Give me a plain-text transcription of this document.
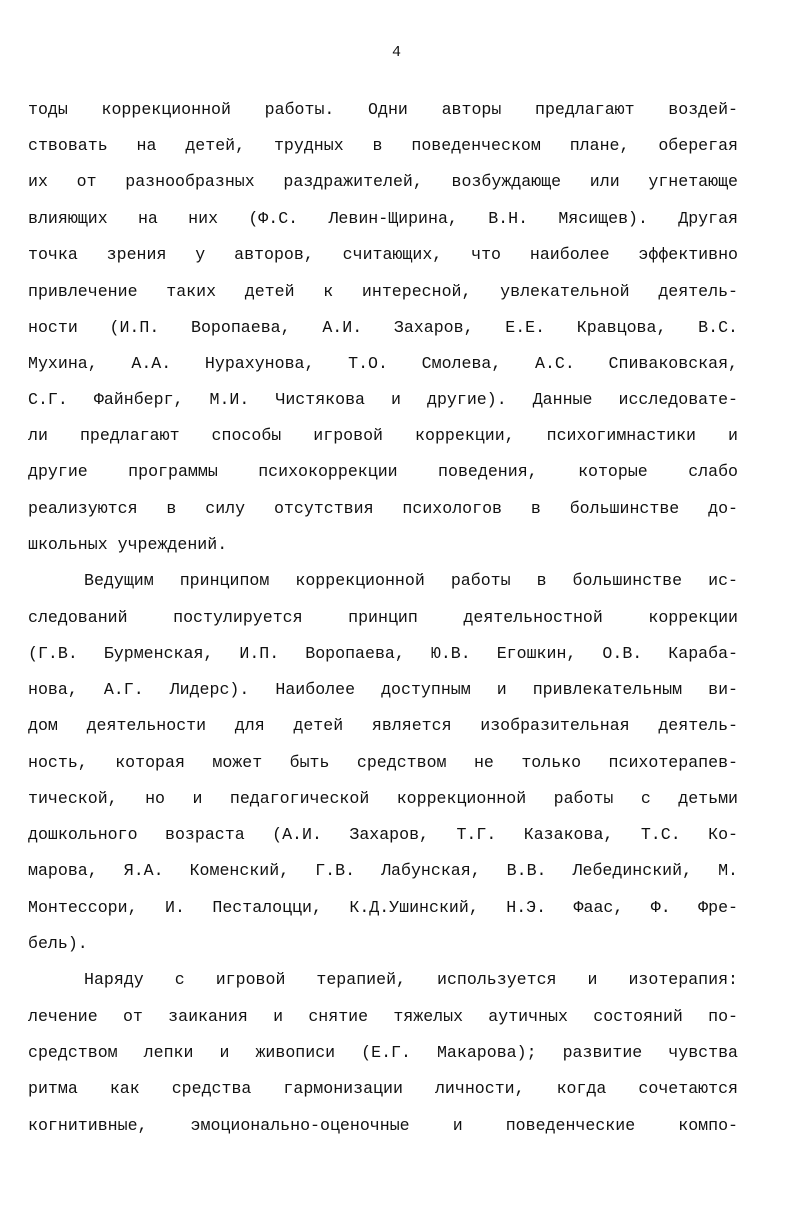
4
тоды коррекционной работы. Одни авторы предлагают воздей-
ствовать на детей, трудных в поведенческом плане, оберегая
их от разнообразных раздражителей, возбуждающе или угнетающе
влияющих на них (Ф.С. Левин-Щирина, В.Н. Мясищев). Другая
точка зрения у авторов, считающих, что наиболее эффективно
привлечение таких детей к интересной, увлекательной деятель-
ности (И.П. Воропаева, А.И. Захаров, Е.Е. Кравцова, В.С.
Мухина, А.А. Нурахунова, Т.О. Смолева, А.С. Спиваковская,
С.Г. Файнберг, М.И. Чистякова и другие). Данные исследовате-
ли предлагают способы игровой коррекции, психогимнастики и
другие программы психокоррекции поведения, которые слабо
реализуются в силу отсутствия психологов в большинстве до-
школьных учреждений.
Ведущим принципом коррекционной работы в большинстве ис-
следований постулируется принцип деятельностной коррекции
(Г.В. Бурменская, И.П. Воропаева, Ю.В. Егошкин, О.В. Караба-
нова, А.Г. Лидерс). Наиболее доступным и привлекательным ви-
дом деятельности для детей является изобразительная деятель-
ность, которая может быть средством не только психотерапев-
тической, но и педагогической коррекционной работы с детьми
дошкольного возраста (А.И. Захаров, Т.Г. Казакова, Т.С. Ко-
марова, Я.А. Коменский, Г.В. Лабунская, В.В. Лебединский, М.
Монтессори, И. Песталоцци, К.Д.Ушинский, Н.Э. Фаас, Ф. Фре-
бель).
Наряду с игровой терапией, используется и изотерапия:
лечение от заикания и снятие тяжелых аутичных состояний по-
средством лепки и живописи (Е.Г. Макарова); развитие чувства
ритма как средства гармонизации личности, когда сочетаются
когнитивные, эмоционально-оценочные и поведенческие компо-
